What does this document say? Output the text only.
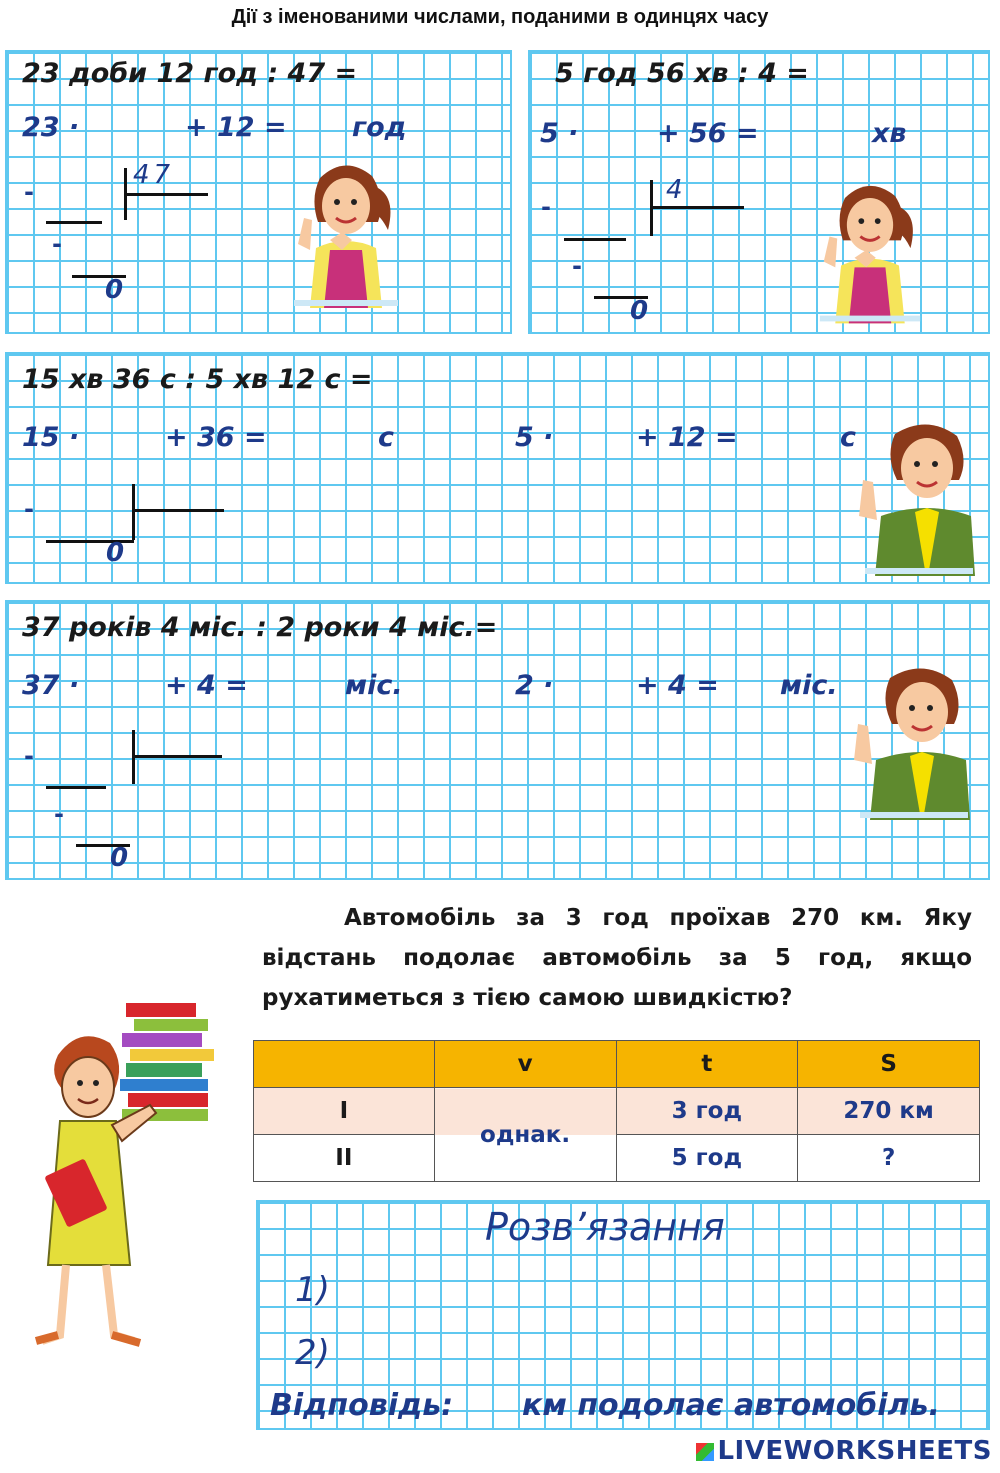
Дії з іменованими числами, поданими в одинцях часу
23 доби 12 год : 47 =
23 ·	+ 12 = год
47
-
-
0
5 год 56 хв : 4 =
5 ·	+ 56 =	хв
4
-
-
0
15 хв 36 с : 5 хв 12 с =
15 ·	+ 36 =	с	5 ·	+ 12 =	с
-
0
37 років 4 міс. : 2 роки 4 міс.=
37 ·	+ 4 =	міс.	2 ·	+ 4 = міс.
-
-
0
Автомобіль за 3 год проїхав 270 км. Яку відстань подолає автомобіль за 5 год, якщо рухатиметься з тією самою швидкістю?
	v	t	S
I	однак.	3 год	270 км
II		5 год	?
Розв’язання
1)
2)
Відповідь: км подолає автомобіль.
LIVEWORKSHEETS
